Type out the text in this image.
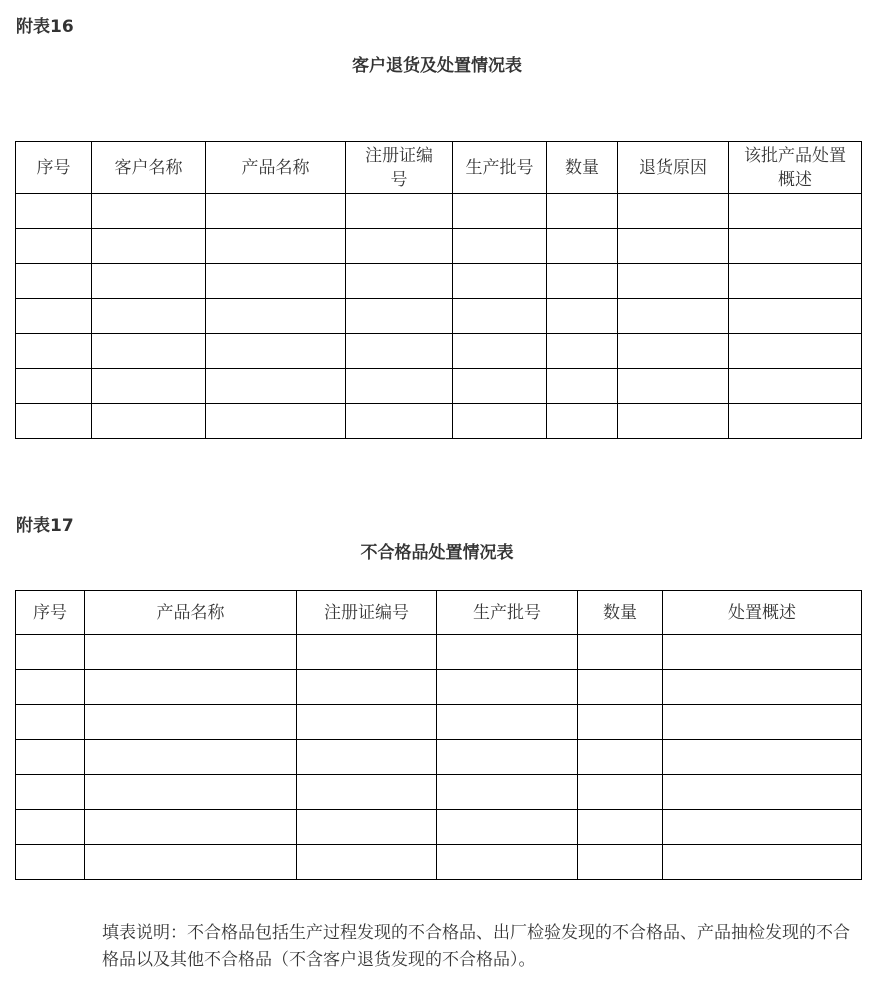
附表16
客户退货及处置情况表
序号	客户名称	产品名称	注册证编号	生产批号	数量	退货原因	该批产品处置概述

附表17
不合格品处置情况表
序号	产品名称	注册证编号	生产批号	数量	处置概述

填表说明：不合格品包括生产过程发现的不合格品、出厂检验发现的不合格品、产品抽检发现的不合格品以及其他不合格品（不含客户退货发现的不合格品）。
